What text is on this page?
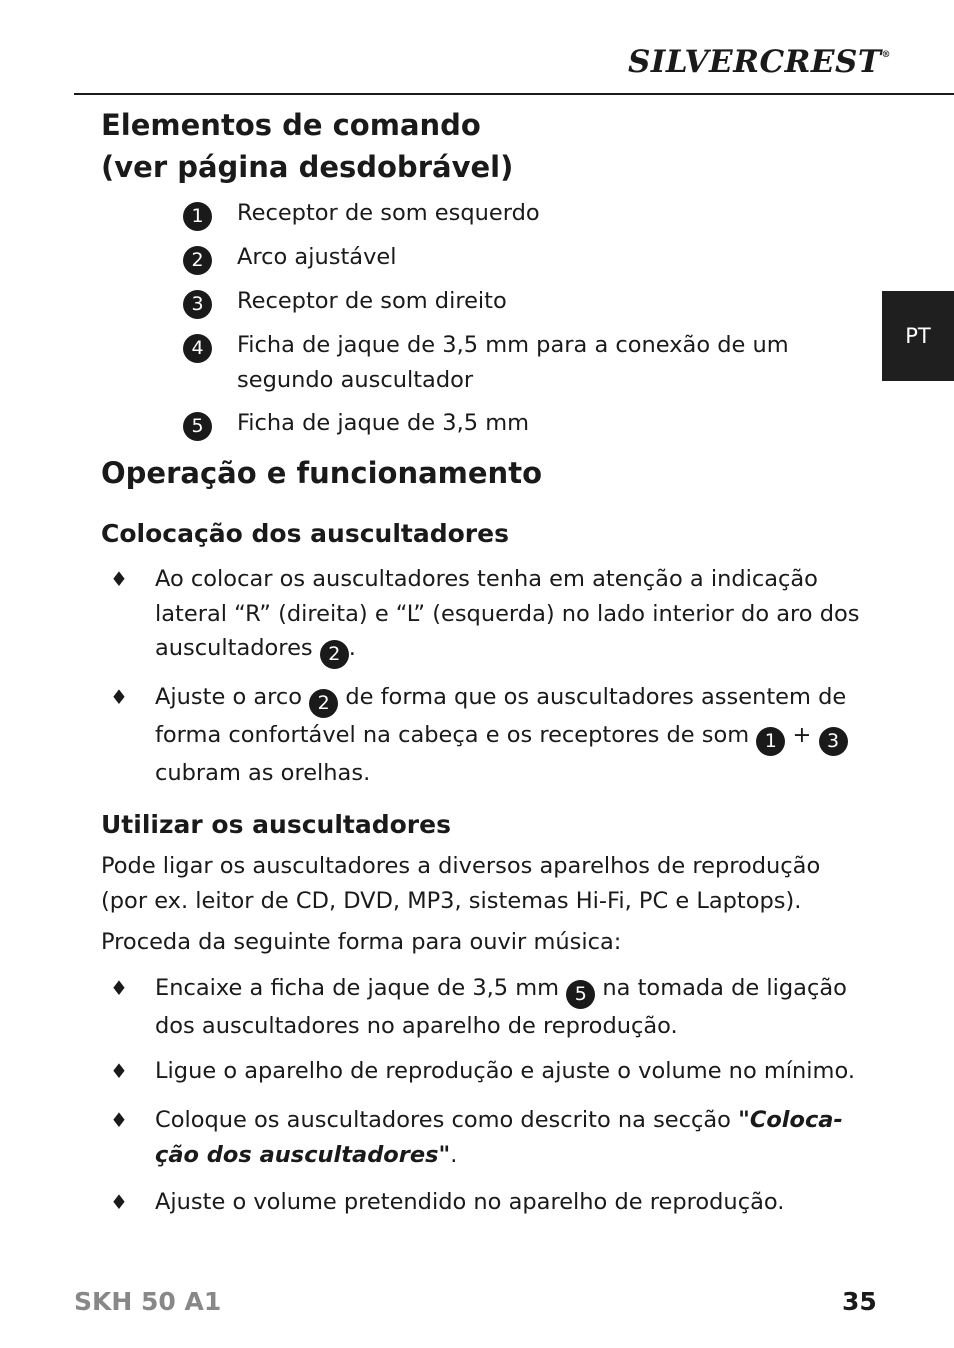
SILVERCREST®
PT
Elementos de comando
(ver página desdobrável)
1	Receptor de som esquerdo
2	Arco ajustável
3	Receptor de som direito
4	Ficha de jaque de 3,5 mm para a conexão de um segundo auscultador
5	Ficha de jaque de 3,5 mm
Operação e funcionamento
Colocação dos auscultadores
♦ Ao colocar os auscultadores tenha em atenção a indicação lateral “R” (direita) e “L” (esquerda) no lado interior do aro dos auscultadores 2 .
♦ Ajuste o arco 2 de forma que os auscultadores assentem de forma confortável na cabeça e os receptores de som 1 + 3 cubram as orelhas.
Utilizar os auscultadores
Pode ligar os auscultadores a diversos aparelhos de reprodução (por ex. leitor de CD, DVD, MP3, sistemas Hi-Fi, PC e Laptops).
Proceda da seguinte forma para ouvir música:
♦ Encaixe a ficha de jaque de 3,5 mm 5 na tomada de ligação dos auscultadores no aparelho de reprodução.
♦ Ligue o aparelho de reprodução e ajuste o volume no mínimo.
♦ Coloque os auscultadores como descrito na secção "Coloca-
ção dos auscultadores".
♦ Ajuste o volume pretendido no aparelho de reprodução.
SKH 50 A1	35
